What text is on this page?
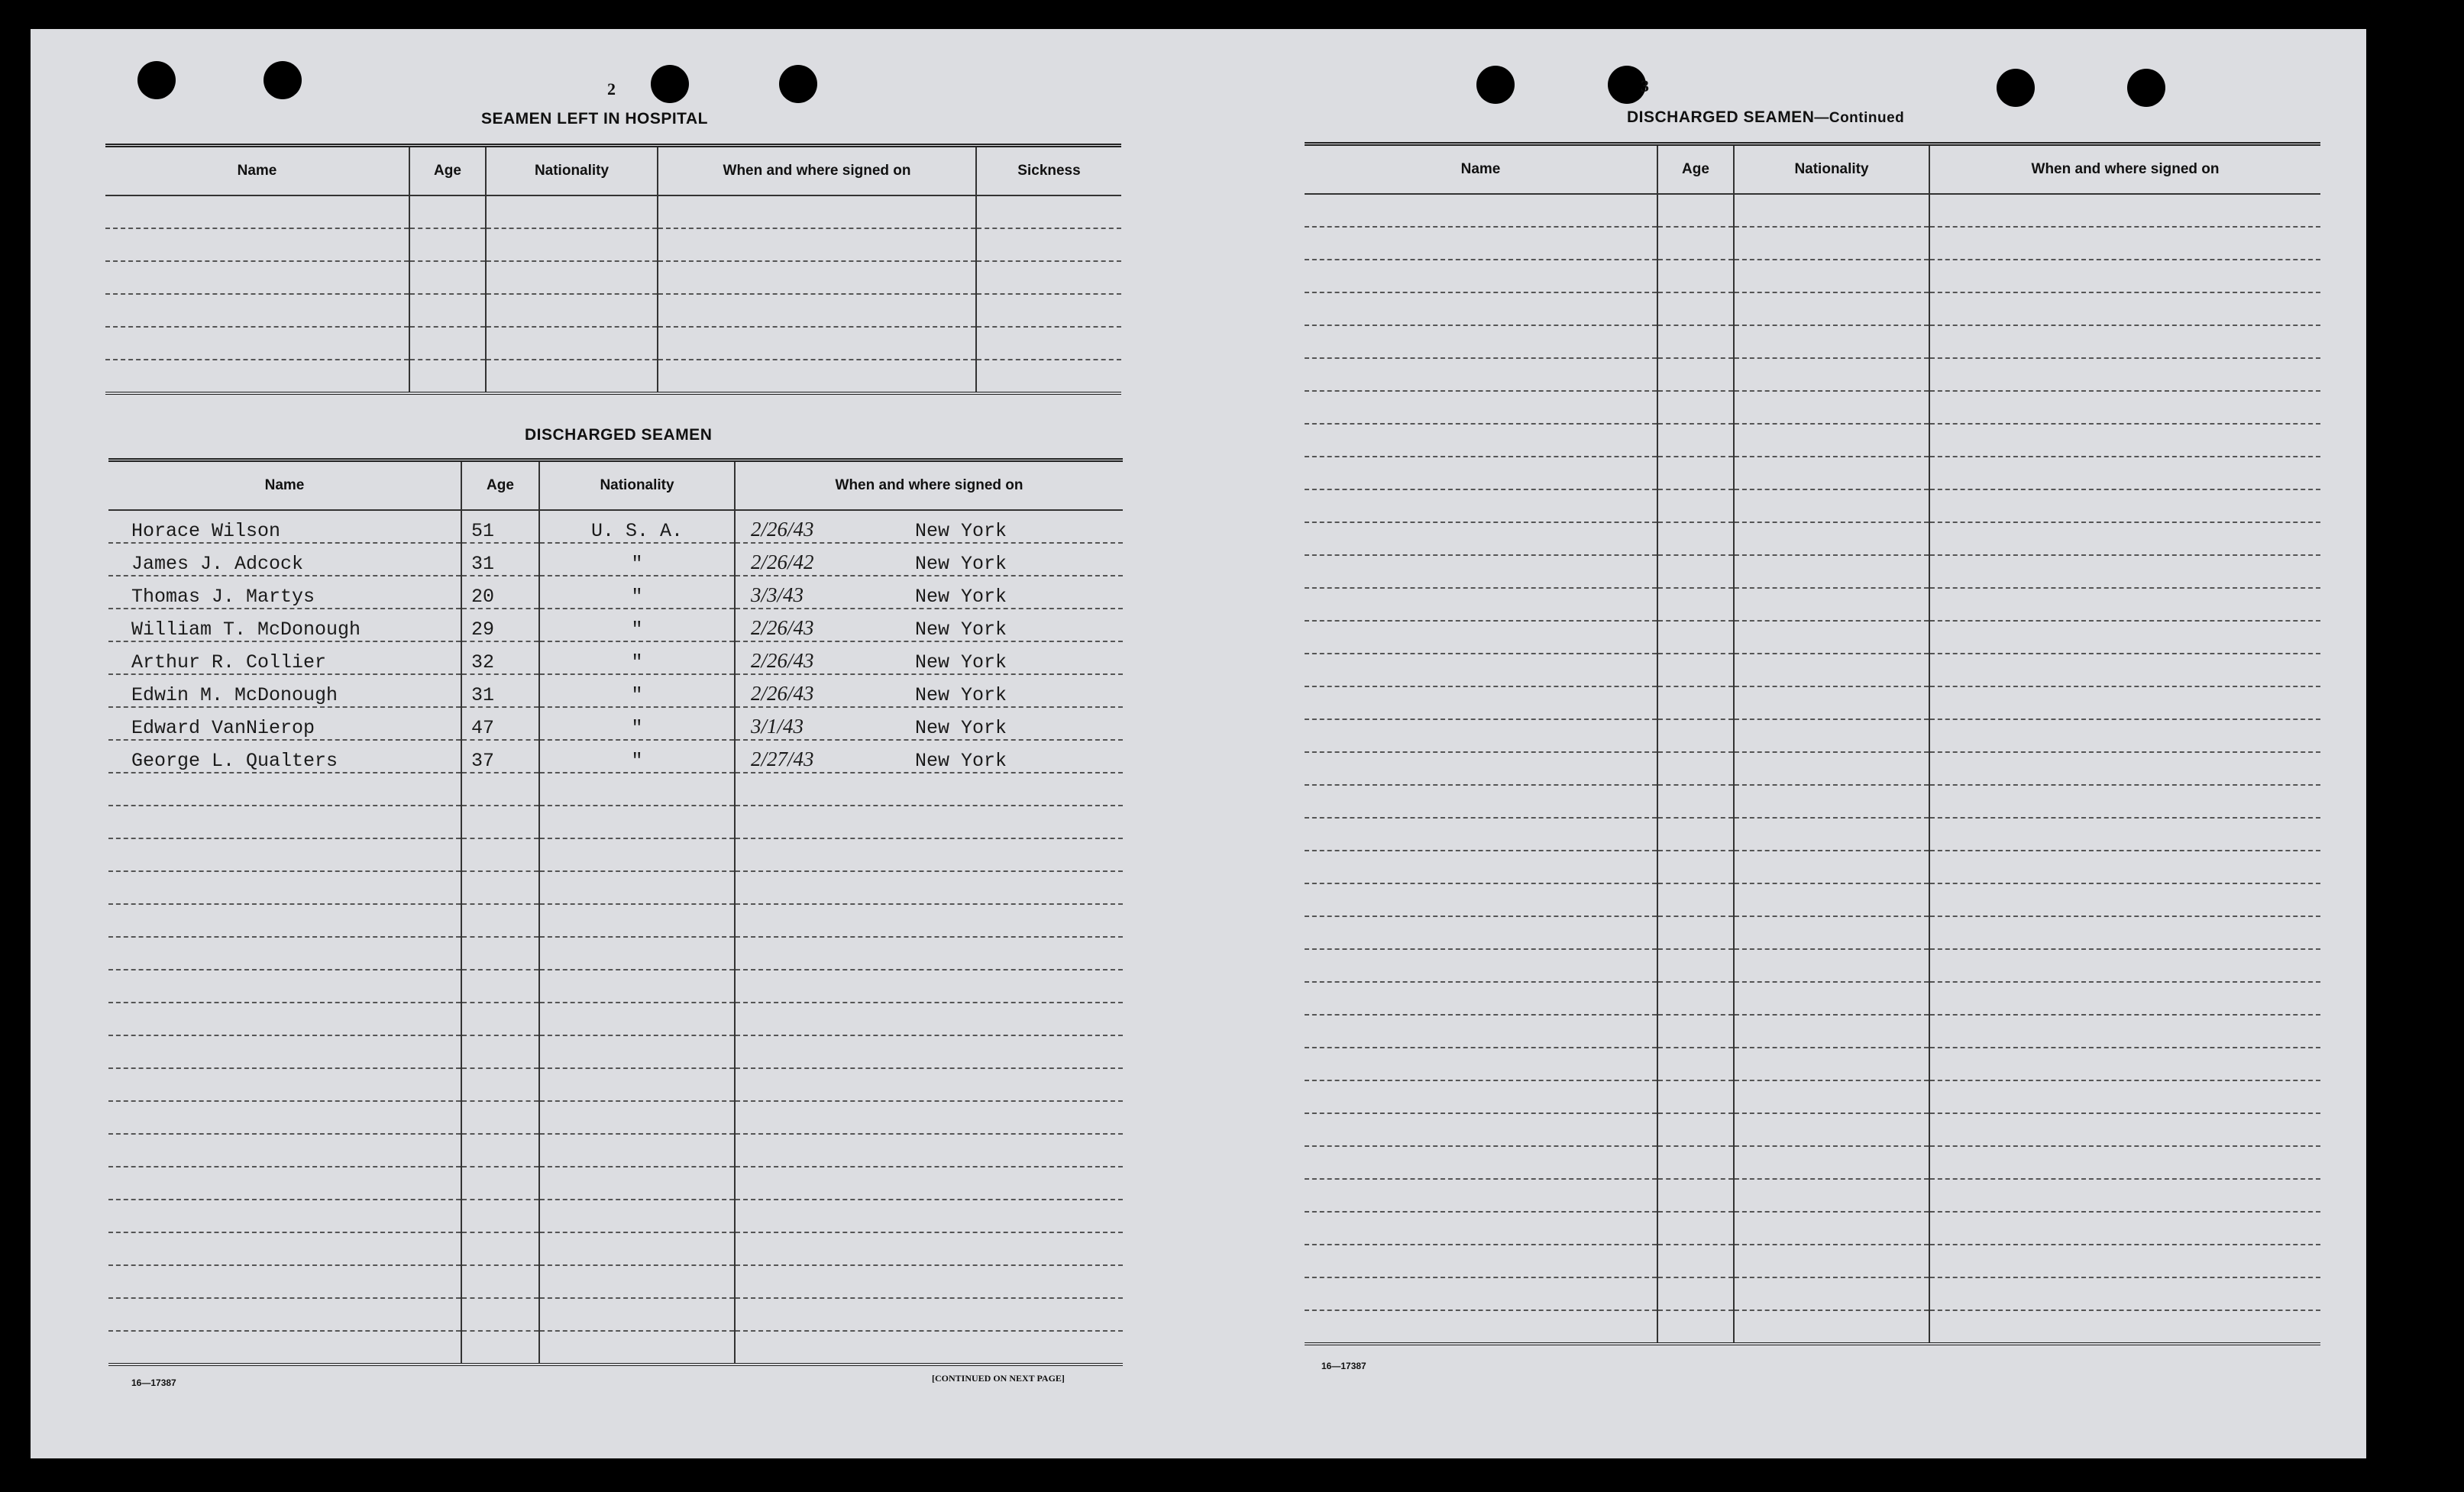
2
SEAMEN LEFT IN HOSPITAL
Name	Age	Nationality	When and where signed on	Sickness

DISCHARGED SEAMEN
Name	Age	Nationality	When and where signed on
Horace Wilson	51	U. S. A.	2/26/43 New York
James J. Adcock	31	"	2/26/42 New York
Thomas J. Martys	20	"	3/3/43 New York
William T. McDonough	29	"	2/26/43 New York
Arthur R. Collier	32	"	2/26/43 New York
Edwin M. McDonough	31	"	2/26/43 New York
Edward VanNierop	47	"	3/1/43 New York
George L. Qualters	37	"	2/27/43 New York

16—17387	[CONTINUED ON NEXT PAGE]
3
DISCHARGED SEAMEN—Continued
Name	Age	Nationality	When and where signed on

16—17387
